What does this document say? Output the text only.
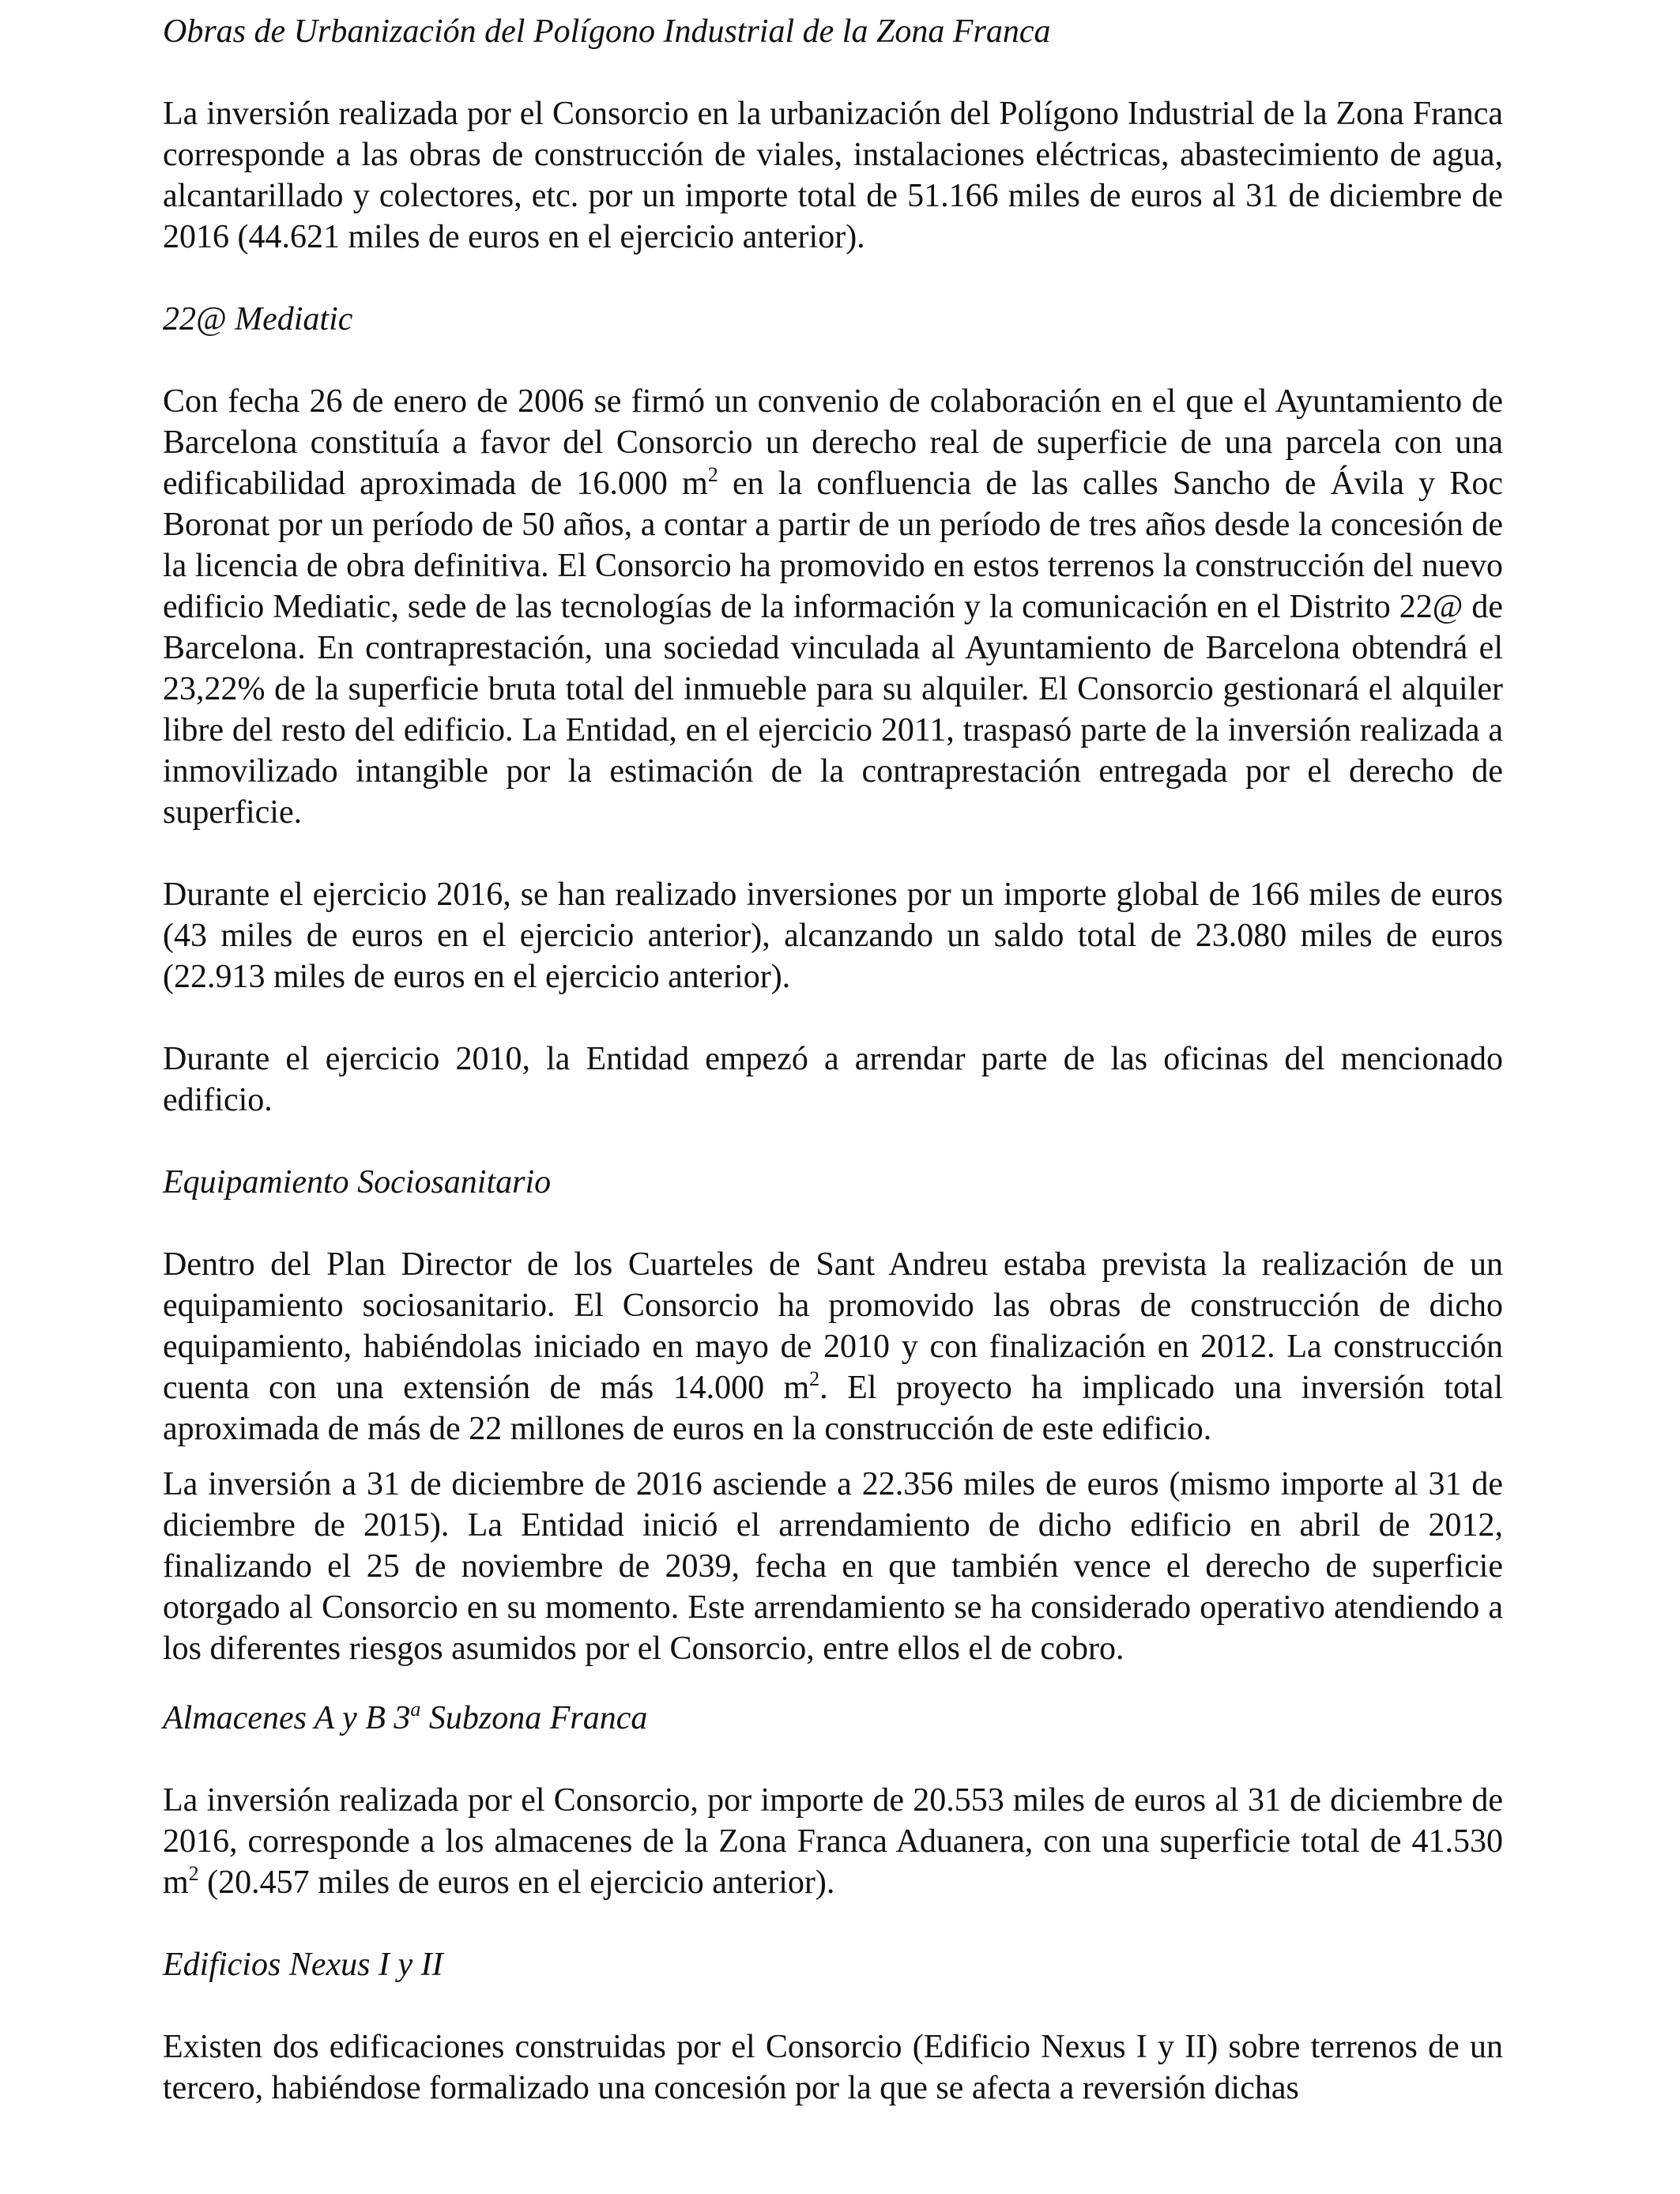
Obras de Urbanización del Polígono Industrial de la Zona Franca

La inversión realizada por el Consorcio en la urbanización del Polígono Industrial de la Zona Franca corresponde a las obras de construcción de viales, instalaciones eléctricas, abastecimiento de agua, alcantarillado y colectores, etc. por un importe total de 51.166 miles de euros al 31 de diciembre de 2016 (44.621 miles de euros en el ejercicio anterior).

22@ Mediatic

Con fecha 26 de enero de 2006 se firmó un convenio de colaboración en el que el Ayuntamiento de Barcelona constituía a favor del Consorcio un derecho real de superficie de una parcela con una edificabilidad aproximada de 16.000 $m^2$ en la confluencia de las calles Sancho de Ávila y Roc Boronat por un período de 50 años, a contar a partir de un período de tres años desde la concesión de la licencia de obra definitiva. El Consorcio ha promovido en estos terrenos la construcción del nuevo edificio Mediatic, sede de las tecnologías de la información y la comunicación en el Distrito 22@ de Barcelona. En contraprestación, una sociedad vinculada al Ayuntamiento de Barcelona obtendrá el 23,22% de la superficie bruta total del inmueble para su alquiler. El Consorcio gestionará el alquiler libre del resto del edificio. La Entidad, en el ejercicio 2011, traspasó parte de la inversión realizada a inmovilizado intangible por la estimación de la contraprestación entregada por el derecho de superficie.

Durante el ejercicio 2016, se han realizado inversiones por un importe global de 166 miles de euros (43 miles de euros en el ejercicio anterior), alcanzando un saldo total de 23.080 miles de euros (22.913 miles de euros en el ejercicio anterior).

Durante el ejercicio 2010, la Entidad empezó a arrendar parte de las oficinas del mencionado edificio.

Equipamiento Sociosanitario

Dentro del Plan Director de los Cuarteles de Sant Andreu estaba prevista la realización de un equipamiento sociosanitario. El Consorcio ha promovido las obras de construcción de dicho equipamiento, habiéndolas iniciado en mayo de 2010 y con finalización en 2012. La construcción cuenta con una extensión de más 14.000 $m^2$. El proyecto ha implicado una inversión total aproximada de más de 22 millones de euros en la construcción de este edificio.

La inversión a 31 de diciembre de 2016 asciende a 22.356 miles de euros (mismo importe al 31 de diciembre de 2015). La Entidad inició el arrendamiento de dicho edificio en abril de 2012, finalizando el 25 de noviembre de 2039, fecha en que también vence el derecho de superficie otorgado al Consorcio en su momento. Este arrendamiento se ha considerado operativo atendiendo a los diferentes riesgos asumidos por el Consorcio, entre ellos el de cobro.

Almacenes A y B 3$^a$ Subzona Franca

La inversión realizada por el Consorcio, por importe de 20.553 miles de euros al 31 de diciembre de 2016, corresponde a los almacenes de la Zona Franca Aduanera, con una superficie total de 41.530 $m^2$ (20.457 miles de euros en el ejercicio anterior).

Edificios Nexus I y II

Existen dos edificaciones construidas por el Consorcio (Edificio Nexus I y II) sobre terrenos de un tercero, habiéndose formalizado una concesión por la que se afecta a reversión dichas
